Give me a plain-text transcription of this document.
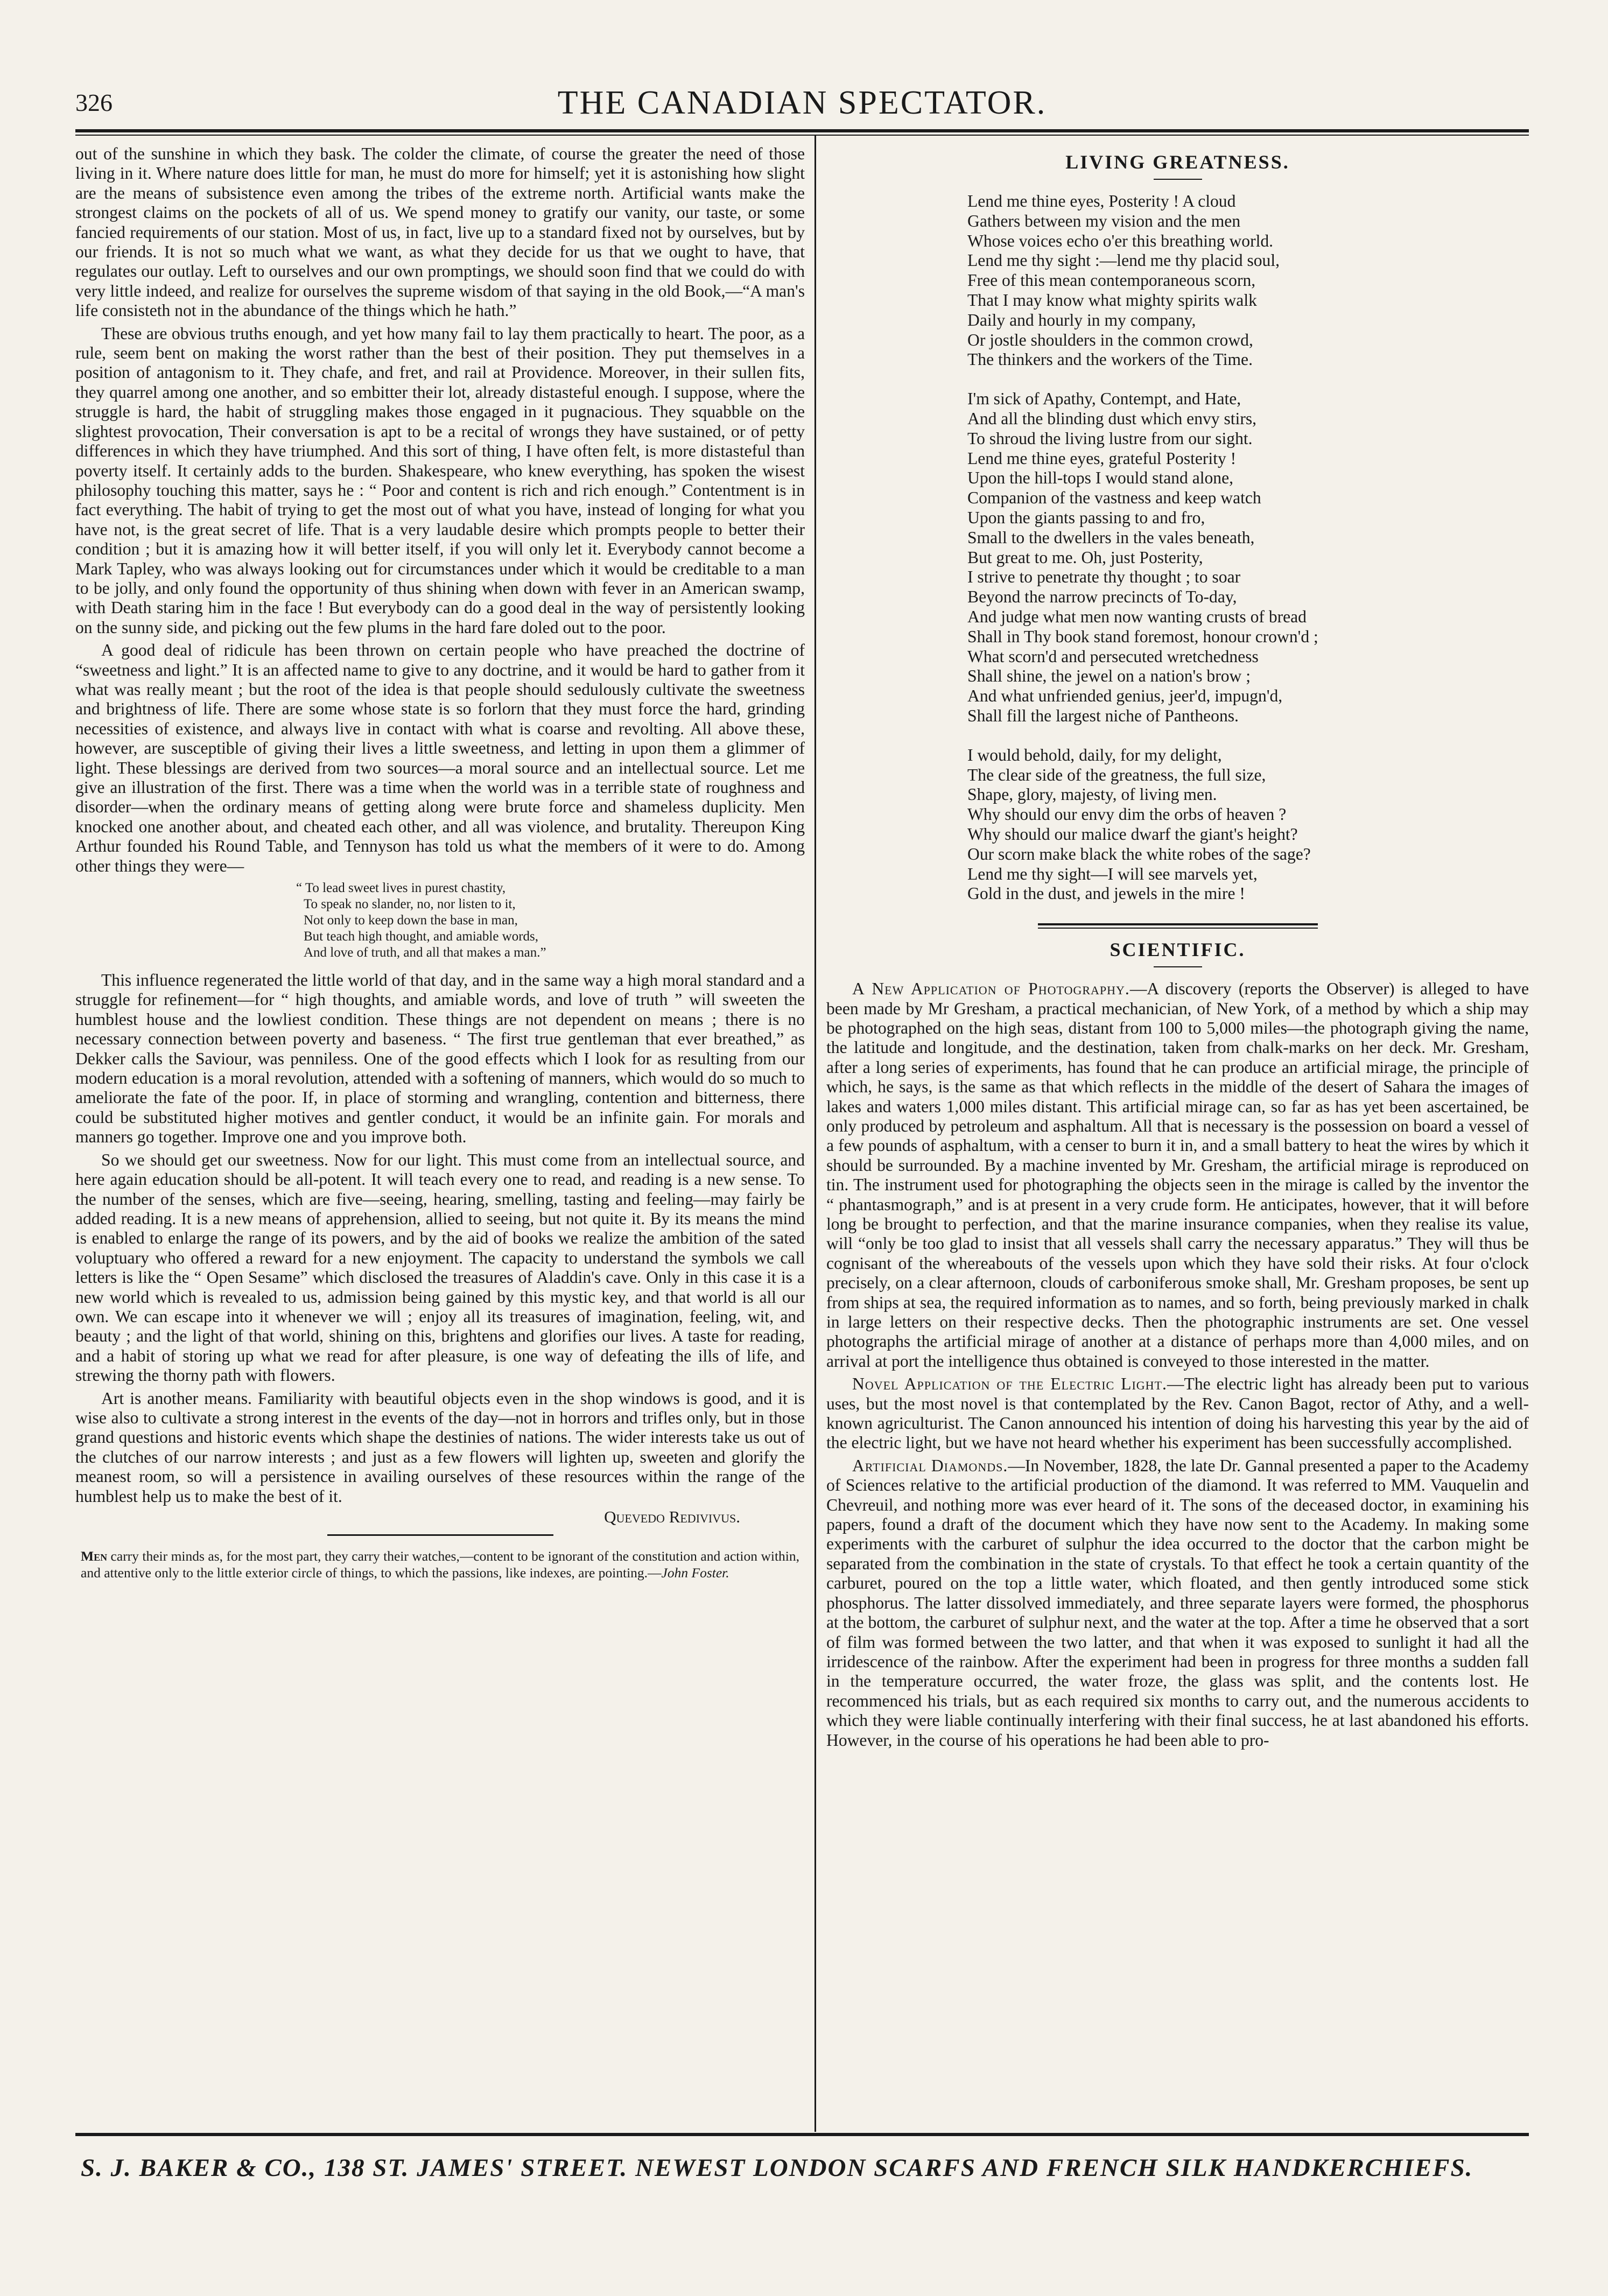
326	THE CANADIAN SPECTATOR.

out of the sunshine in which they bask. The colder the climate, of course the greater the need of those living in it. Where nature does little for man, he must do more for himself; yet it is astonishing how slight are the means of subsistence even among the tribes of the extreme north. Artificial wants make the strongest claims on the pockets of all of us. We spend money to gratify our vanity, our taste, or some fancied requirements of our station. Most of us, in fact, live up to a standard fixed not by ourselves, but by our friends. It is not so much what we want, as what they decide for us that we ought to have, that regulates our outlay. Left to ourselves and our own promptings, we should soon find that we could do with very little indeed, and realize for ourselves the supreme wisdom of that saying in the old Book,—“A man's life consisteth not in the abundance of the things which he hath.”

These are obvious truths enough, and yet how many fail to lay them practically to heart. The poor, as a rule, seem bent on making the worst rather than the best of their position. They put themselves in a position of antagonism to it. They chafe, and fret, and rail at Providence. Moreover, in their sullen fits, they quarrel among one another, and so embitter their lot, already distasteful enough. I suppose, where the struggle is hard, the habit of struggling makes those engaged in it pugnacious. They squabble on the slightest provocation, Their conversation is apt to be a recital of wrongs they have sustained, or of petty differences in which they have triumphed. And this sort of thing, I have often felt, is more distasteful than poverty itself. It certainly adds to the burden. Shakespeare, who knew everything, has spoken the wisest philosophy touching this matter, says he : “ Poor and content is rich and rich enough.” Contentment is in fact everything. The habit of trying to get the most out of what you have, instead of longing for what you have not, is the great secret of life. That is a very laudable desire which prompts people to better their condition ; but it is amazing how it will better itself, if you will only let it. Everybody cannot become a Mark Tapley, who was always looking out for circumstances under which it would be creditable to a man to be jolly, and only found the opportunity of thus shining when down with fever in an American swamp, with Death staring him in the face ! But everybody can do a good deal in the way of persistently looking on the sunny side, and picking out the few plums in the hard fare doled out to the poor.

A good deal of ridicule has been thrown on certain people who have preached the doctrine of “sweetness and light.” It is an affected name to give to any doctrine, and it would be hard to gather from it what was really meant ; but the root of the idea is that people should sedulously cultivate the sweetness and brightness of life. There are some whose state is so forlorn that they must force the hard, grinding necessities of existence, and always live in contact with what is coarse and revolting. All above these, however, are susceptible of giving their lives a little sweetness, and letting in upon them a glimmer of light. These blessings are derived from two sources—a moral source and an intellectual source. Let me give an illustration of the first. There was a time when the world was in a terrible state of roughness and disorder—when the ordinary means of getting along were brute force and shameless duplicity. Men knocked one another about, and cheated each other, and all was violence, and brutality. Thereupon King Arthur founded his Round Table, and Tennyson has told us what the members of it were to do. Among other things they were—

“ To lead sweet lives in purest chastity,
To speak no slander, no, nor listen to it,
Not only to keep down the base in man,
But teach high thought, and amiable words,
And love of truth, and all that makes a man.”

This influence regenerated the little world of that day, and in the same way a high moral standard and a struggle for refinement—for “ high thoughts, and amiable words, and love of truth ” will sweeten the humblest house and the lowliest condition. These things are not dependent on means ; there is no necessary connection between poverty and baseness. “ The first true gentleman that ever breathed,” as Dekker calls the Saviour, was penniless. One of the good effects which I look for as resulting from our modern education is a moral revolution, attended with a softening of manners, which would do so much to ameliorate the fate of the poor. If, in place of storming and wrangling, contention and bitterness, there could be substituted higher motives and gentler conduct, it would be an infinite gain. For morals and manners go together. Improve one and you improve both.

So we should get our sweetness. Now for our light. This must come from an intellectual source, and here again education should be all-potent. It will teach every one to read, and reading is a new sense. To the number of the senses, which are five—seeing, hearing, smelling, tasting and feeling—may fairly be added reading. It is a new means of apprehension, allied to seeing, but not quite it. By its means the mind is enabled to enlarge the range of its powers, and by the aid of books we realize the ambition of the sated voluptuary who offered a reward for a new enjoyment. The capacity to understand the symbols we call letters is like the “ Open Sesame” which disclosed the treasures of Aladdin's cave. Only in this case it is a new world which is revealed to us, admission being gained by this mystic key, and that world is all our own. We can escape into it whenever we will ; enjoy all its treasures of imagination, feeling, wit, and beauty ; and the light of that world, shining on this, brightens and glorifies our lives. A taste for reading, and a habit of storing up what we read for after pleasure, is one way of defeating the ills of life, and strewing the thorny path with flowers.

Art is another means. Familiarity with beautiful objects even in the shop windows is good, and it is wise also to cultivate a strong interest in the events of the day—not in horrors and trifles only, but in those grand questions and historic events which shape the destinies of nations. The wider interests take us out of the clutches of our narrow interests ; and just as a few flowers will lighten up, sweeten and glorify the meanest room, so will a persistence in availing ourselves of these resources within the range of the humblest help us to make the best of it.

Quevedo Redivivus.
Men carry their minds as, for the most part, they carry their watches,—content to be ignorant of the constitution and action within, and attentive only to the little exterior circle of things, to which the passions, like indexes, are pointing.—John Foster.
LIVING GREATNESS.
Lend me thine eyes, Posterity ! A cloud
Gathers between my vision and the men
Whose voices echo o'er this breathing world.
Lend me thy sight :—lend me thy placid soul,
Free of this mean contemporaneous scorn,
That I may know what mighty spirits walk
Daily and hourly in my company,
Or jostle shoulders in the common crowd,
The thinkers and the workers of the Time.
I'm sick of Apathy, Contempt, and Hate,
And all the blinding dust which envy stirs,
To shroud the living lustre from our sight.
Lend me thine eyes, grateful Posterity !
Upon the hill-tops I would stand alone,
Companion of the vastness and keep watch
Upon the giants passing to and fro,
Small to the dwellers in the vales beneath,
But great to me. Oh, just Posterity,
I strive to penetrate thy thought ; to soar
Beyond the narrow precincts of To-day,
And judge what men now wanting crusts of bread
Shall in Thy book stand foremost, honour crown'd ;
What scorn'd and persecuted wretchedness
Shall shine, the jewel on a nation's brow ;
And what unfriended genius, jeer'd, impugn'd,
Shall fill the largest niche of Pantheons.
I would behold, daily, for my delight,
The clear side of the greatness, the full size,
Shape, glory, majesty, of living men.
Why should our envy dim the orbs of heaven ?
Why should our malice dwarf the giant's height?
Our scorn make black the white robes of the sage?
Lend me thy sight—I will see marvels yet,
Gold in the dust, and jewels in the mire !
SCIENTIFIC.

A New Application of Photography.—A discovery (reports the Observer) is alleged to have been made by Mr Gresham, a practical mechanician, of New York, of a method by which a ship may be photographed on the high seas, distant from 100 to 5,000 miles—the photograph giving the name, the latitude and longitude, and the destination, taken from chalk-marks on her deck. Mr. Gresham, after a long series of experiments, has found that he can produce an artificial mirage, the principle of which, he says, is the same as that which reflects in the middle of the desert of Sahara the images of lakes and waters 1,000 miles distant. This artificial mirage can, so far as has yet been ascertained, be only produced by petroleum and asphaltum. All that is necessary is the possession on board a vessel of a few pounds of asphaltum, with a censer to burn it in, and a small battery to heat the wires by which it should be surrounded. By a machine invented by Mr. Gresham, the artificial mirage is reproduced on tin. The instrument used for photographing the objects seen in the mirage is called by the inventor the “ phantasmograph,” and is at present in a very crude form. He anticipates, however, that it will before long be brought to perfection, and that the marine insurance companies, when they realise its value, will “only be too glad to insist that all vessels shall carry the necessary apparatus.” They will thus be cognisant of the whereabouts of the vessels upon which they have sold their risks. At four o'clock precisely, on a clear afternoon, clouds of carboniferous smoke shall, Mr. Gresham proposes, be sent up from ships at sea, the required information as to names, and so forth, being previously marked in chalk in large letters on their respective decks. Then the photographic instruments are set. One vessel photographs the artificial mirage of another at a distance of perhaps more than 4,000 miles, and on arrival at port the intelligence thus obtained is conveyed to those interested in the matter.

Novel Application of the Electric Light.—The electric light has already been put to various uses, but the most novel is that contemplated by the Rev. Canon Bagot, rector of Athy, and a well-known agriculturist. The Canon announced his intention of doing his harvesting this year by the aid of the electric light, but we have not heard whether his experiment has been successfully accomplished.

Artificial Diamonds.—In November, 1828, the late Dr. Gannal presented a paper to the Academy of Sciences relative to the artificial production of the diamond. It was referred to MM. Vauquelin and Chevreuil, and nothing more was ever heard of it. The sons of the deceased doctor, in examining his papers, found a draft of the document which they have now sent to the Academy. In making some experiments with the carburet of sulphur the idea occurred to the doctor that the carbon might be separated from the combination in the state of crystals. To that effect he took a certain quantity of the carburet, poured on the top a little water, which floated, and then gently introduced some stick phosphorus. The latter dissolved immediately, and three separate layers were formed, the phosphorus at the bottom, the carburet of sulphur next, and the water at the top. After a time he observed that a sort of film was formed between the two latter, and that when it was exposed to sunlight it had all the irridescence of the rainbow. After the experiment had been in progress for three months a sudden fall in the temperature occurred, the water froze, the glass was split, and the contents lost. He recommenced his trials, but as each required six months to carry out, and the numerous accidents to which they were liable continually interfering with their final success, he at last abandoned his efforts. However, in the course of his operations he had been able to pro-

S. J. BAKER & CO., 138 ST. JAMES' STREET. NEWEST LONDON SCARFS AND FRENCH SILK HANDKERCHIEFS.
